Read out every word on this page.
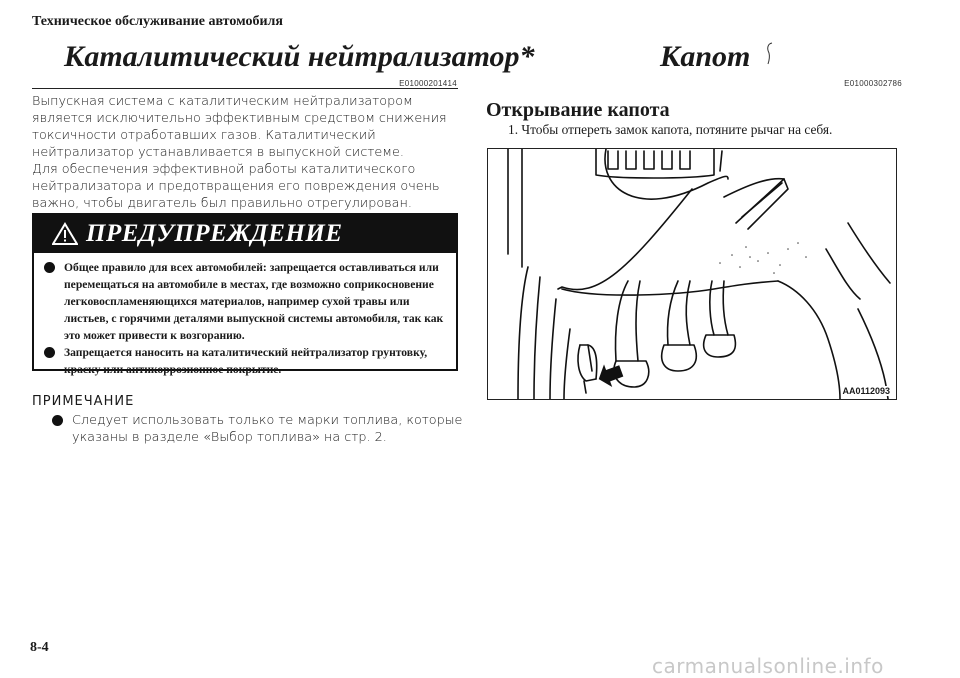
Техническое обслуживание автомобиля
Каталитический нейтрализатор*
E01000201414

Выпускная система с каталитическим нейтрализатором является исключительно эффективным средством снижения токсичности отработавших газов. Каталитический нейтрализатор устанавливается в выпускной системе.

Для обеспечения эффективной работы каталитического нейтрализатора и предотвращения его повреждения очень важно, чтобы двигатель был правильно отрегулирован.

ПРЕДУПРЕЖДЕНИЕ
Общее правило для всех автомобилей: запрещается оставливаться или перемещаться на автомобиле в местах, где возможно соприкосновение легковоспламеняющихся материалов, например сухой травы или листьев, с горячими деталями выпускной системы автомобиля, так как это может привести к возгоранию.
Запрещается наносить на каталитический нейтрализатор грунтовку, краску или антикоррозионное покрытие.
ПРИМЕЧАНИЕ
Следует использовать только те марки топлива, которые указаны в разделе «Выбор топлива» на стр. 2.
Капот
E01000302786
Открывание капота
1. Чтобы отпереть замок капота, потяните рычаг на себя.
AA0112093
8-4
carmanualsonline.info
